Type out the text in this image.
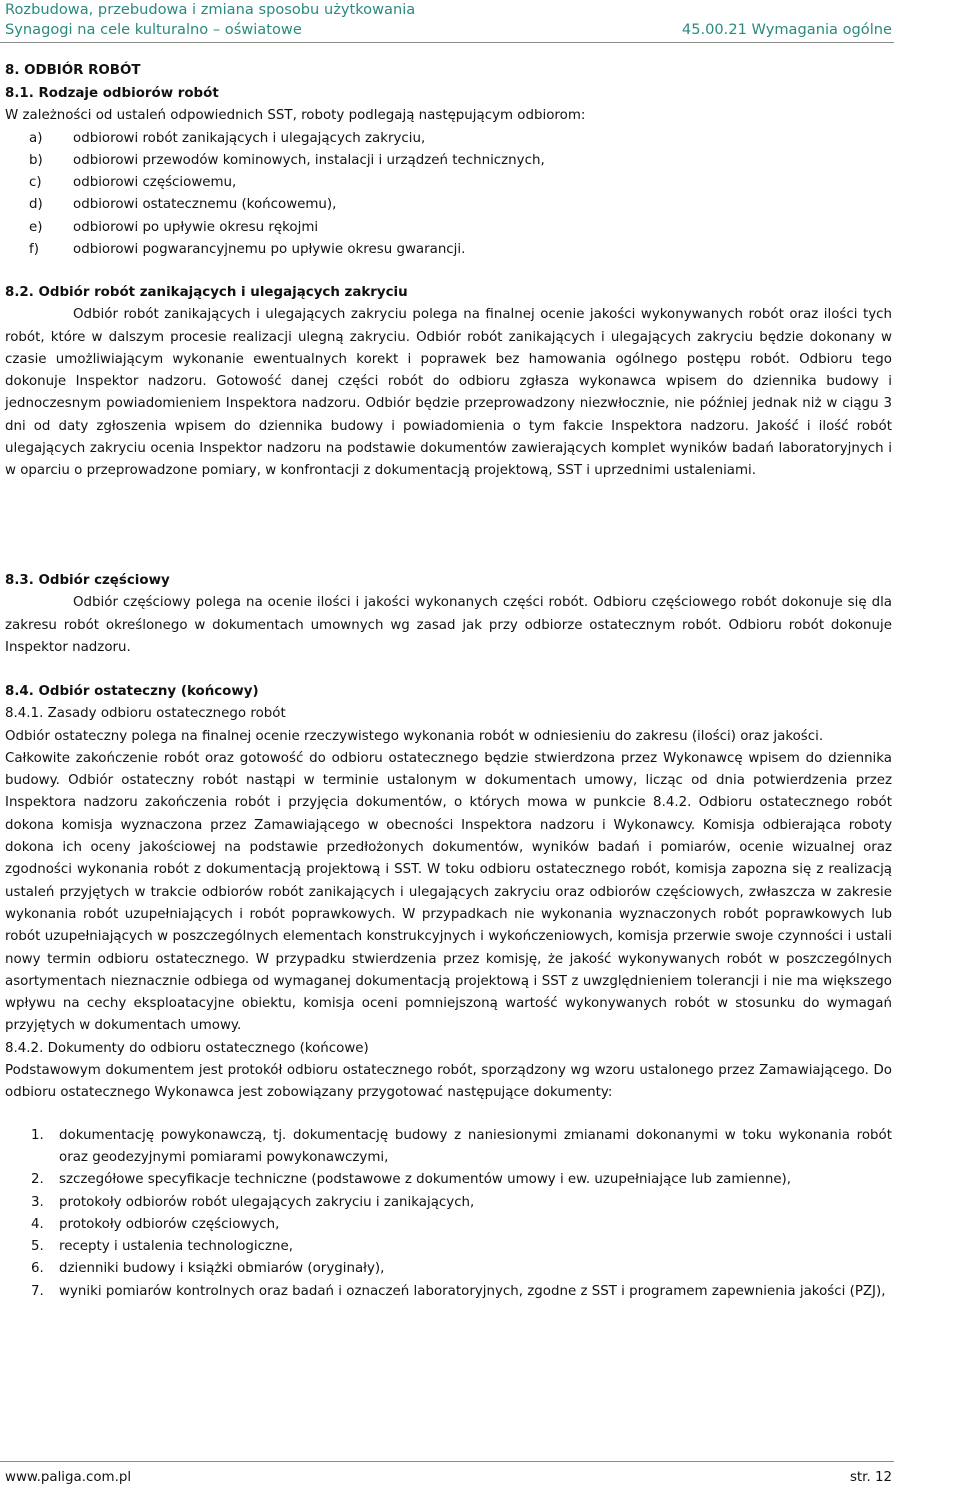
Rozbudowa, przebudowa i zmiana sposobu użytkowania
Synagogi na cele kulturalno – oświatowe	45.00.21 Wymagania ogólne

8. ODBIÓR ROBÓT

8.1. Rodzaje odbiorów robót

W zależności od ustaleń odpowiednich SST, roboty podlegają następującym odbiorom:

a)	odbiorowi robót zanikających i ulegających zakryciu,
b)	odbiorowi przewodów kominowych, instalacji i urządzeń technicznych,
c)	odbiorowi częściowemu,
d)	odbiorowi ostatecznemu (końcowemu),
e)	odbiorowi po upływie okresu rękojmi
f)	odbiorowi pogwarancyjnemu po upływie okresu gwarancji.

8.2. Odbiór robót zanikających i ulegających zakryciu

Odbiór robót zanikających i ulegających zakryciu polega na finalnej ocenie jakości wykonywanych robót oraz ilości tych robót, które w dalszym procesie realizacji ulegną zakryciu. Odbiór robót zanikających i ulegających zakryciu będzie dokonany w czasie umożliwiającym wykonanie ewentualnych korekt i poprawek bez hamowania ogólnego postępu robót. Odbioru tego dokonuje Inspektor nadzoru. Gotowość danej części robót do odbioru zgłasza wykonawca wpisem do dziennika budowy i jednoczesnym powiadomieniem Inspektora nadzoru. Odbiór będzie przeprowadzony niezwłocznie, nie później jednak niż w ciągu 3 dni od daty zgłoszenia wpisem do dziennika budowy i powiadomienia o tym fakcie Inspektora nadzoru. Jakość i ilość robót ulegających zakryciu ocenia Inspektor nadzoru na podstawie dokumentów zawierających komplet wyników badań laboratoryjnych i w oparciu o przeprowadzone pomiary, w konfrontacji z dokumentacją projektową, SST i uprzednimi ustaleniami.

8.3. Odbiór częściowy

Odbiór częściowy polega na ocenie ilości i jakości wykonanych części robót. Odbioru częściowego robót dokonuje się dla zakresu robót określonego w dokumentach umownych wg zasad jak przy odbiorze ostatecznym robót. Odbioru robót dokonuje Inspektor nadzoru.

8.4. Odbiór ostateczny (końcowy)

8.4.1. Zasady odbioru ostatecznego robót

Odbiór ostateczny polega na finalnej ocenie rzeczywistego wykonania robót w odniesieniu do zakresu (ilości) oraz jakości.

Całkowite zakończenie robót oraz gotowość do odbioru ostatecznego będzie stwierdzona przez Wykonawcę wpisem do dziennika budowy. Odbiór ostateczny robót nastąpi w terminie ustalonym w dokumentach umowy, licząc od dnia potwierdzenia przez Inspektora nadzoru zakończenia robót i przyjęcia dokumentów, o których mowa w punkcie 8.4.2. Odbioru ostatecznego robót dokona komisja wyznaczona przez Zamawiającego w obecności Inspektora nadzoru i Wykonawcy. Komisja odbierająca roboty dokona ich oceny jakościowej na podstawie przedłożonych dokumentów, wyników badań i pomiarów, ocenie wizualnej oraz zgodności wykonania robót z dokumentacją projektową i SST. W toku odbioru ostatecznego robót, komisja zapozna się z realizacją ustaleń przyjętych w trakcie odbiorów robót zanikających i ulegających zakryciu oraz odbiorów częściowych, zwłaszcza w zakresie wykonania robót uzupełniających i robót poprawkowych. W przypadkach nie wykonania wyznaczonych robót poprawkowych lub robót uzupełniających w poszczególnych elementach konstrukcyjnych i wykończeniowych, komisja przerwie swoje czynności i ustali nowy termin odbioru ostatecznego. W przypadku stwierdzenia przez komisję, że jakość wykonywanych robót w poszczególnych asortymentach nieznacznie odbiega od wymaganej dokumentacją projektową i SST z uwzględnieniem tolerancji i nie ma większego wpływu na cechy eksploatacyjne obiektu, komisja oceni pomniejszoną wartość wykonywanych robót w stosunku do wymagań przyjętych w dokumentach umowy.

8.4.2. Dokumenty do odbioru ostatecznego (końcowe)

Podstawowym dokumentem jest protokół odbioru ostatecznego robót, sporządzony wg wzoru ustalonego przez Zamawiającego. Do odbioru ostatecznego Wykonawca jest zobowiązany przygotować następujące dokumenty:

1.	dokumentację powykonawczą, tj. dokumentację budowy z naniesionymi zmianami dokonanymi w toku wykonania robót oraz geodezyjnymi pomiarami powykonawczymi,
2.	szczegółowe specyfikacje techniczne (podstawowe z dokumentów umowy i ew. uzupełniające lub zamienne),
3.	protokoły odbiorów robót ulegających zakryciu i zanikających,
4.	protokoły odbiorów częściowych,
5.	recepty i ustalenia technologiczne,
6.	dzienniki budowy i książki obmiarów (oryginały),
7.	wyniki pomiarów kontrolnych oraz badań i oznaczeń laboratoryjnych, zgodne z SST i programem zapewnienia jakości (PZJ),
www.paliga.com.pl	str. 12
